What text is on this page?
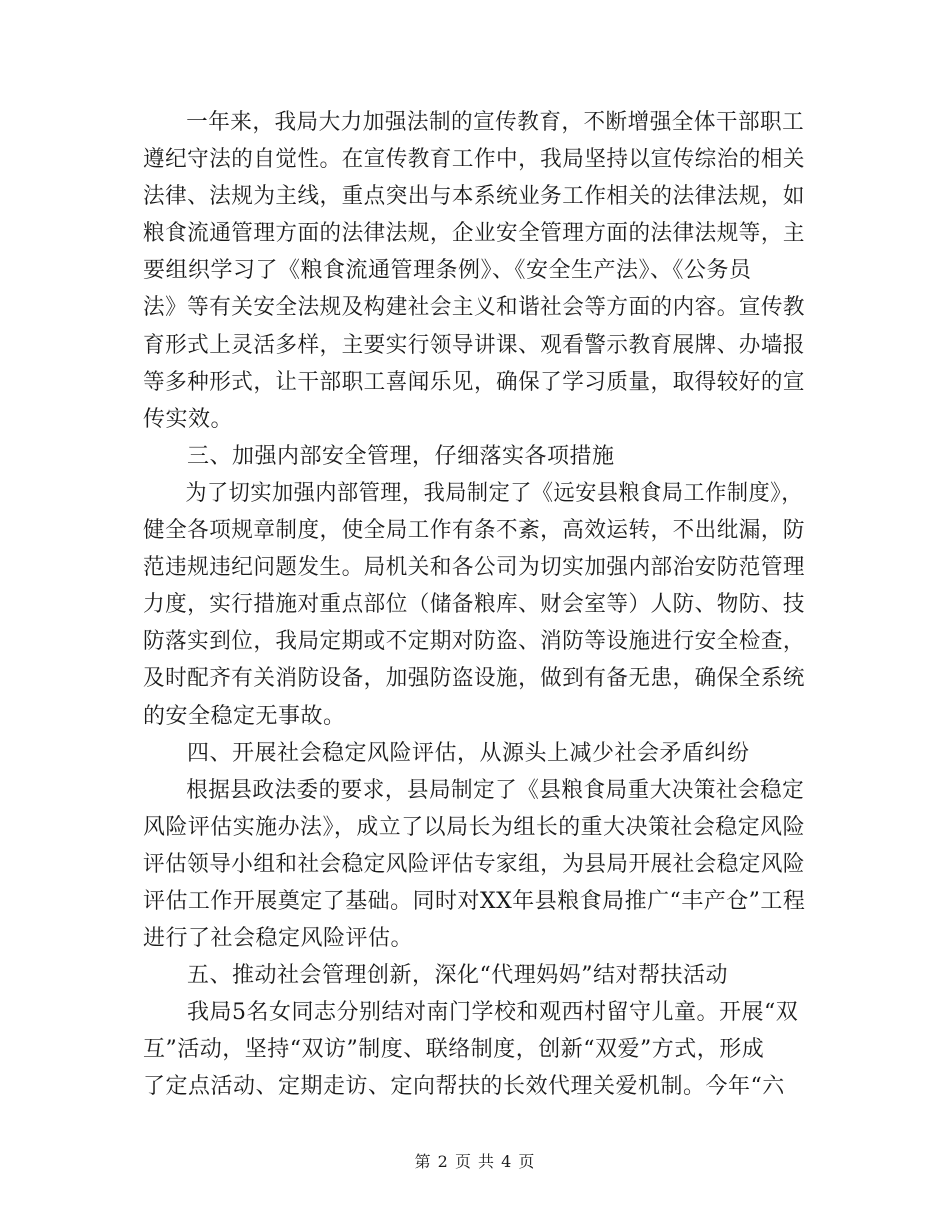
一年来，我局大力加强法制的宣传教育，不断增强全体干部职工
遵纪守法的自觉性。在宣传教育工作中，我局坚持以宣传综治的相关
法律、法规为主线，重点突出与本系统业务工作相关的法律法规，如
粮食流通管理方面的法律法规，企业安全管理方面的法律法规等，主
要组织学习了《粮食流通管理条例》、《安全生产法》、《公务员
法》等有关安全法规及构建社会主义和谐社会等方面的内容。宣传教
育形式上灵活多样，主要实行领导讲课、观看警示教育展牌、办墙报
等多种形式，让干部职工喜闻乐见，确保了学习质量，取得较好的宣
传实效。
三、加强内部安全管理，仔细落实各项措施
为了切实加强内部管理，我局制定了《远安县粮食局工作制度》，
健全各项规章制度，使全局工作有条不紊，高效运转，不出纰漏，防
范违规违纪问题发生。局机关和各公司为切实加强内部治安防范管理
力度，实行措施对重点部位（储备粮库、财会室等）人防、物防、技
防落实到位，我局定期或不定期对防盗、消防等设施进行安全检查，
及时配齐有关消防设备，加强防盗设施，做到有备无患，确保全系统
的安全稳定无事故。
四、开展社会稳定风险评估，从源头上减少社会矛盾纠纷
根据县政法委的要求，县局制定了《县粮食局重大决策社会稳定
风险评估实施办法》，成立了以局长为组长的重大决策社会稳定风险
评估领导小组和社会稳定风险评估专家组，为县局开展社会稳定风险
评估工作开展奠定了基础。同时对XX年县粮食局推广“丰产仓”工程
进行了社会稳定风险评估。
五、推动社会管理创新，深化“代理妈妈”结对帮扶活动
我局5名女同志分别结对南门学校和观西村留守儿童。开展“双
互”活动，坚持“双访”制度、联络制度，创新“双爱”方式，形成
了定点活动、定期走访、定向帮扶的长效代理关爱机制。今年“六
第 2 页 共 4 页
